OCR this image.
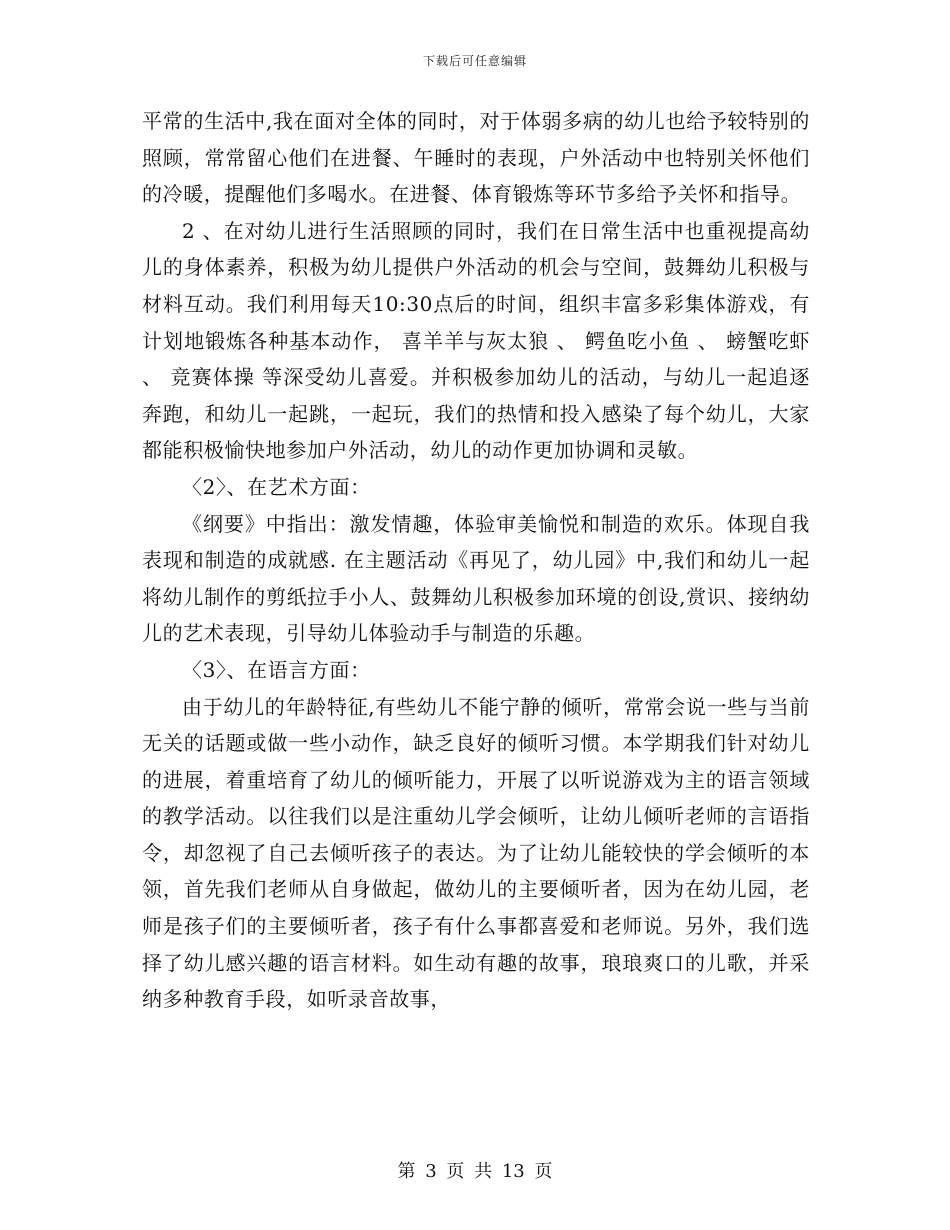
下载后可任意编辑

平常的生活中,我在面对全体的同时，对于体弱多病的幼儿也给予较特别的照顾，常常留心他们在进餐、午睡时的表现，户外活动中也特别关怀他们的冷暖，提醒他们多喝水。在进餐、体育锻炼等环节多给予关怀和指导。

2 、在对幼儿进行生活照顾的同时，我们在日常生活中也重视提高幼儿的身体素养，积极为幼儿提供户外活动的机会与空间，鼓舞幼儿积极与材料互动。我们利用每天10:30点后的时间，组织丰富多彩集体游戏，有计划地锻炼各种基本动作， 喜羊羊与灰太狼 、 鳄鱼吃小鱼 、 螃蟹吃虾 、 竞赛体操 等深受幼儿喜爱。并积极参加幼儿的活动，与幼儿一起追逐奔跑，和幼儿一起跳，一起玩，我们的热情和投入感染了每个幼儿，大家都能积极愉快地参加户外活动，幼儿的动作更加协调和灵敏。

〈2〉、在艺术方面：

《纲要》中指出：激发情趣，体验审美愉悦和制造的欢乐。体现自我表现和制造的成就感. 在主题活动《再见了，幼儿园》中,我们和幼儿一起将幼儿制作的剪纸拉手小人、鼓舞幼儿积极参加环境的创设,赏识、接纳幼儿的艺术表现，引导幼儿体验动手与制造的乐趣。

〈3〉、在语言方面：

由于幼儿的年龄特征,有些幼儿不能宁静的倾听，常常会说一些与当前无关的话题或做一些小动作，缺乏良好的倾听习惯。本学期我们针对幼儿的进展，着重培育了幼儿的倾听能力，开展了以听说游戏为主的语言领域的教学活动。以往我们以是注重幼儿学会倾听，让幼儿倾听老师的言语指令，却忽视了自己去倾听孩子的表达。为了让幼儿能较快的学会倾听的本领，首先我们老师从自身做起，做幼儿的主要倾听者，因为在幼儿园，老师是孩子们的主要倾听者，孩子有什么事都喜爱和老师说。另外，我们选择了幼儿感兴趣的语言材料。如生动有趣的故事，琅琅爽口的儿歌，并采纳多种教育手段，如听录音故事，

第 3 页 共 13 页
